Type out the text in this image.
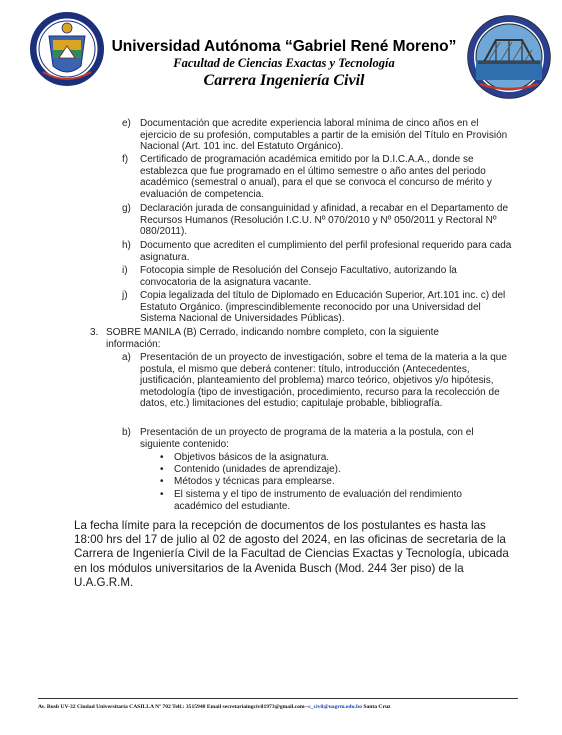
Universidad Autónoma “Gabriel René Moreno”
Facultad de Ciencias Exactas y Tecnología
Carrera Ingeniería Civil
e) Documentación que acredite experiencia laboral mínima de cinco años en el ejercicio de su profesión, computables a partir de la emisión del Título en Provisión Nacional (Art. 101 inc. del Estatuto Orgánico).
f) Certificado de programación académica emitido por la D.I.C.A.A., donde se establezca que fue programado en el último semestre o año antes del periodo académico (semestral o anual), para el que se convoca el concurso de mérito y evaluación de competencia.
g) Declaración jurada de consanguinidad y afinidad, a recabar en el Departamento de Recursos Humanos (Resolución I.C.U. Nº 070/2010 y Nº 050/2011 y Rectoral Nº 080/2011).
h) Documento que acrediten el cumplimiento del perfil profesional requerido para cada asignatura.
i) Fotocopia simple de Resolución del Consejo Facultativo, autorizando la convocatoria de la asignatura vacante.
j) Copia legalizada del título de Diplomado en Educación Superior, Art.101 inc. c) del Estatuto Orgánico. (imprescindiblemente reconocido por una Universidad del Sistema Nacional de Universidades Públicas).
3. SOBRE MANILA (B) Cerrado, indicando nombre completo, con la siguiente información:
a) Presentación de un proyecto de investigación, sobre el tema de la materia a la que postula, el mismo que deberá contener: título, introducción (Antecedentes, justificación, planteamiento del problema) marco teórico, objetivos y/o hipótesis, metodología (tipo de investigación, procedimiento, recurso para la recolección de datos, etc.) limitaciones del estudio; capitulaje probable, bibliografía.
b) Presentación de un proyecto de programa de la materia a la postula, con el siguiente contenido:
• Objetivos básicos de la asignatura.
• Contenido (unidades de aprendizaje).
• Métodos y técnicas para emplearse.
• El sistema y el tipo de instrumento de evaluación del rendimiento académico del estudiante.
La fecha límite para la recepción de documentos de los postulantes es hasta las 18:00 hrs del 17 de julio al 02 de agosto del 2024, en las oficinas de secretaria de la Carrera de Ingeniería Civil de la Facultad de Ciencias Exactas y Tecnología, ubicada en los módulos universitarios de la Avenida Busch (Mod. 244 3er piso) de la U.A.G.R.M.
Av. Bush UV-32 Ciudad Universitaria CASILLA Nº 702 Telf.: 3515948 Email secretariaingcivil1973@gmail.com--c_civil@uagrm.edu.bo Santa Cruz
